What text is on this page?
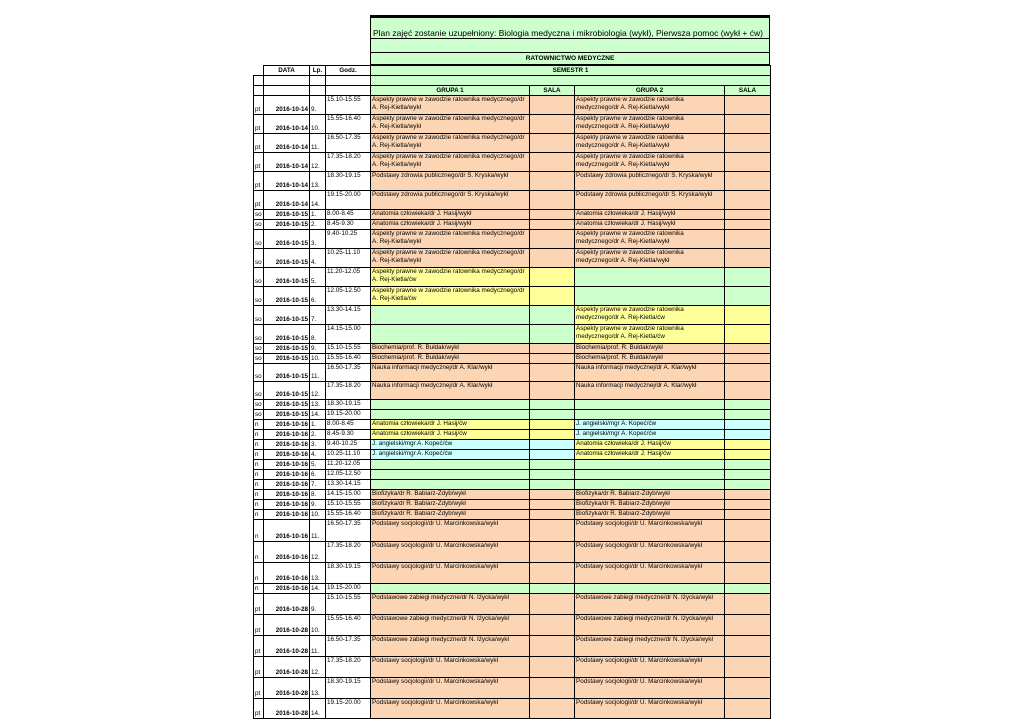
Plan zajęć zostanie uzupełniony: Biologia medyczna i mikrobiologia (wykł), Pierwsza pomoc (wykł + ćw)
RATOWNICTWO MEDYCZNE
	DATA	Lp.	Godz.	SEMESTR 1			

				GRUPA 1	SALA	GRUPA 2	SALA
pt	2016-10-14	9.	15.10-15.55	Aspekty prawne w zawodzie ratownika medycznego/dr A. Rej-Kietla/wykł		Aspekty prawne w zawodzie ratownika medycznego/dr A. Rej-Kietla/wykł	
pt	2016-10-14	10.	15.55-16.40	Aspekty prawne w zawodzie ratownika medycznego/dr A. Rej-Kietla/wykł		Aspekty prawne w zawodzie ratownika medycznego/dr A. Rej-Kietla/wykł	
pt	2016-10-14	11.	16.50-17.35	Aspekty prawne w zawodzie ratownika medycznego/dr A. Rej-Kietla/wykł		Aspekty prawne w zawodzie ratownika medycznego/dr A. Rej-Kietla/wykł	
pt	2016-10-14	12.	17.35-18.20	Aspekty prawne w zawodzie ratownika medycznego/dr A. Rej-Kietla/wykł		Aspekty prawne w zawodzie ratownika medycznego/dr A. Rej-Kietla/wykł	
pt	2016-10-14	13.	18.30-19.15	Podstawy zdrowia publicznego/dr S. Kryska/wykł		Podstawy zdrowia publicznego/dr S. Kryska/wykł	
pt	2016-10-14	14.	19.15-20.00	Podstawy zdrowia publicznego/dr S. Kryska/wykł		Podstawy zdrowia publicznego/dr S. Kryska/wykł	
so	2016-10-15	1.	8.00-8.45	Anatomia człowieka/dr J. Hasij/wykł		Anatomia człowieka/dr J. Hasij/wykł	
so	2016-10-15	2.	8.45-9.30	Anatomia człowieka/dr J. Hasij/wykł		Anatomia człowieka/dr J. Hasij/wykł	
so	2016-10-15	3.	9.40-10.25	Aspekty prawne w zawodzie ratownika medycznego/dr A. Rej-Kietla/wykł		Aspekty prawne w zawodzie ratownika medycznego/dr A. Rej-Kietla/wykł	
so	2016-10-15	4.	10.25-11.10	Aspekty prawne w zawodzie ratownika medycznego/dr A. Rej-Kietla/wykł		Aspekty prawne w zawodzie ratownika medycznego/dr A. Rej-Kietla/wykł	
so	2016-10-15	5.	11.20-12.05	Aspekty prawne w zawodzie ratownika medycznego/dr A. Rej-Kietla/ćw			
so	2016-10-15	6.	12.05-12.50	Aspekty prawne w zawodzie ratownika medycznego/dr A. Rej-Kietla/ćw			
so	2016-10-15	7.	13.30-14.15			Aspekty prawne w zawodzie ratownika medycznego/dr A. Rej-Kietla/ćw	
so	2016-10-15	8.	14.15-15.00			Aspekty prawne w zawodzie ratownika medycznego/dr A. Rej-Kietla/ćw	
so	2016-10-15	9.	15.10-15.55	Biochemia/prof. R. Bułdak/wykł		Biochemia/prof. R. Bułdak/wykł	
so	2016-10-15	10.	15.55-16.40	Biochemia/prof. R. Bułdak/wykł		Biochemia/prof. R. Bułdak/wykł	
so	2016-10-15	11.	16.50-17.35	Nauka informacji medycznej/dr A. Klar/wykł		Nauka informacji medycznej/dr A. Klar/wykł	
so	2016-10-15	12.	17.35-18.20	Nauka informacji medycznej/dr A. Klar/wykł		Nauka informacji medycznej/dr A. Klar/wykł	
so	2016-10-15	13.	18.30-19.15				
so	2016-10-15	14.	19.15-20.00				
n	2016-10-16	1.	8.00-8.45	Anatomia człowieka/dr J. Hasij/ćw		J. angielski/mgr A. Kopeć/ćw	
n	2016-10-16	2.	8.45-9.30	Anatomia człowieka/dr J. Hasij/ćw		J. angielski/mgr A. Kopeć/ćw	
n	2016-10-16	3.	9.40-10.25	J. angielski/mgr A. Kopeć/ćw		Anatomia człowieka/dr J. Hasij/ćw	
n	2016-10-16	4.	10.25-11.10	J. angielski/mgr A. Kopeć/ćw		Anatomia człowieka/dr J. Hasij/ćw	
n	2016-10-16	5.	11.20-12.05				
n	2016-10-16	6.	12.05-12.50				
n	2016-10-16	7.	13.30-14.15				
n	2016-10-16	8.	14.15-15.00	Biofizyka/dr R. Babiarz-Zdyb/wykł		Biofizyka/dr R. Babiarz-Zdyb/wykł	
n	2016-10-16	9.	15.10-15.55	Biofizyka/dr R. Babiarz-Zdyb/wykł		Biofizyka/dr R. Babiarz-Zdyb/wykł	
n	2016-10-16	10.	15.55-16.40	Biofizyka/dr R. Babiarz-Zdyb/wykł		Biofizyka/dr R. Babiarz-Zdyb/wykł	
n	2016-10-16	11.	16.50-17.35	Podstawy socjologii/dr U. Marcinkowska/wykł		Podstawy socjologii/dr U. Marcinkowska/wykł	
n	2016-10-16	12.	17.35-18.20	Podstawy socjologii/dr U. Marcinkowska/wykł		Podstawy socjologii/dr U. Marcinkowska/wykł	
n	2016-10-16	13.	18.30-19.15	Podstawy socjologii/dr U. Marcinkowska/wykł		Podstawy socjologii/dr U. Marcinkowska/wykł	
n	2016-10-16	14.	19.15-20.00				
pt	2016-10-28	9.	15.10-15.55	Podstawowe zabiegi medyczne/dr N. Iżycka/wykł		Podstawowe zabiegi medyczne/dr N. Iżycka/wykł	
pt	2016-10-28	10.	15.55-16.40	Podstawowe zabiegi medyczne/dr N. Iżycka/wykł		Podstawowe zabiegi medyczne/dr N. Iżycka/wykł	
pt	2016-10-28	11.	16.50-17.35	Podstawowe zabiegi medyczne/dr N. Iżycka/wykł		Podstawowe zabiegi medyczne/dr N. Iżycka/wykł	
pt	2016-10-28	12.	17.35-18.20	Podstawy socjologii/dr U. Marcinkowska/wykł		Podstawy socjologii/dr U. Marcinkowska/wykł	
pt	2016-10-28	13.	18.30-19.15	Podstawy socjologii/dr U. Marcinkowska/wykł		Podstawy socjologii/dr U. Marcinkowska/wykł	
pt	2016-10-28	14.	19.15-20.00	Podstawy socjologii/dr U. Marcinkowska/wykł		Podstawy socjologii/dr U. Marcinkowska/wykł	
